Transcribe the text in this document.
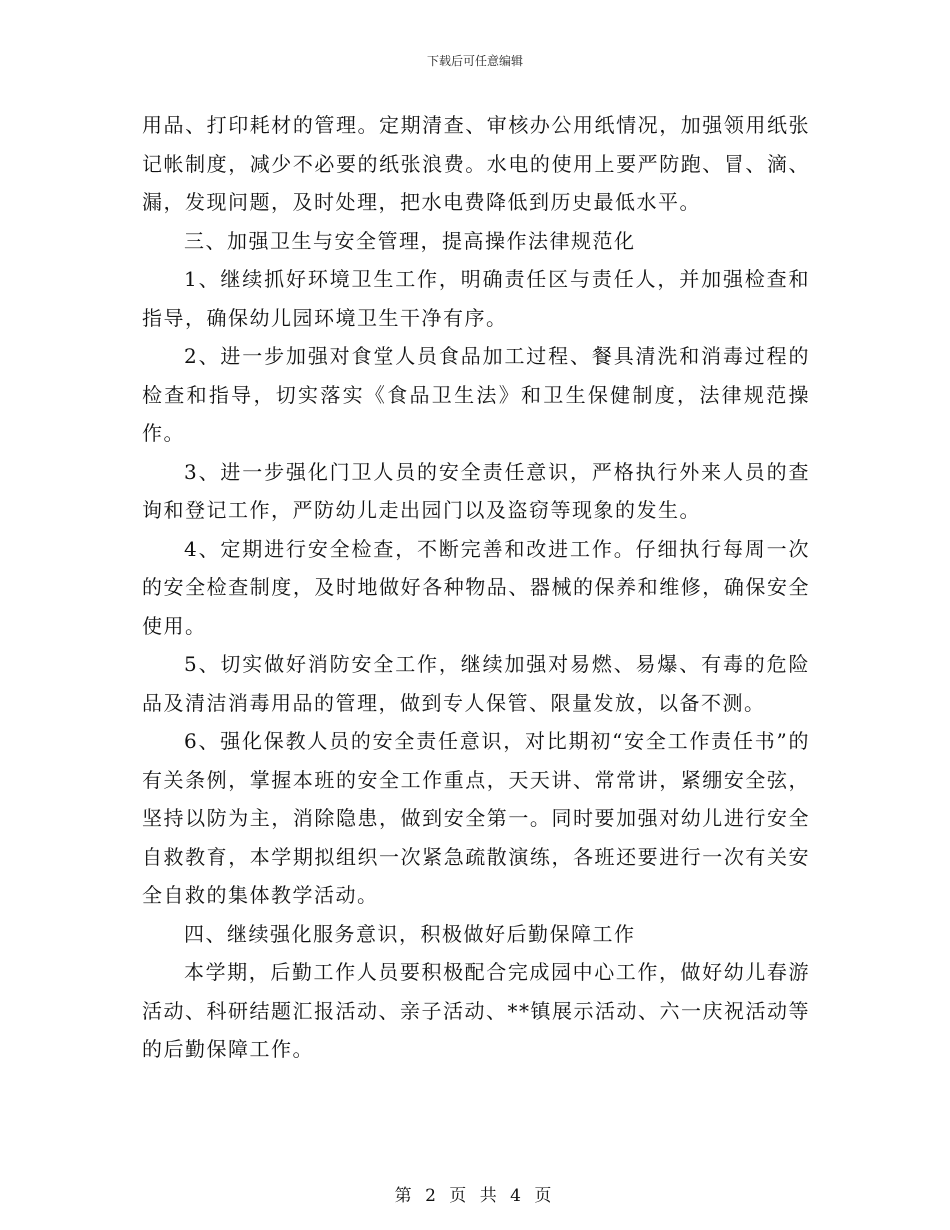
下载后可任意编辑

用品、打印耗材的管理。定期清查、审核办公用纸情况，加强领用纸张记帐制度，减少不必要的纸张浪费。水电的使用上要严防跑、冒、滴、漏，发现问题，及时处理，把水电费降低到历史最低水平。

三、加强卫生与安全管理，提高操作法律规范化

1、继续抓好环境卫生工作，明确责任区与责任人，并加强检查和指导，确保幼儿园环境卫生干净有序。

2、进一步加强对食堂人员食品加工过程、餐具清洗和消毒过程的检查和指导，切实落实《食品卫生法》和卫生保健制度，法律规范操作。

3、进一步强化门卫人员的安全责任意识，严格执行外来人员的查询和登记工作，严防幼儿走出园门以及盗窃等现象的发生。

4、定期进行安全检查，不断完善和改进工作。仔细执行每周一次的安全检查制度，及时地做好各种物品、器械的保养和维修，确保安全使用。

5、切实做好消防安全工作，继续加强对易燃、易爆、有毒的危险品及清洁消毒用品的管理，做到专人保管、限量发放，以备不测。

6、强化保教人员的安全责任意识，对比期初“安全工作责任书”的有关条例，掌握本班的安全工作重点，天天讲、常常讲，紧绷安全弦，坚持以防为主，消除隐患，做到安全第一。同时要加强对幼儿进行安全自救教育，本学期拟组织一次紧急疏散演练，各班还要进行一次有关安全自救的集体教学活动。

四、继续强化服务意识，积极做好后勤保障工作

本学期，后勤工作人员要积极配合完成园中心工作，做好幼儿春游活动、科研结题汇报活动、亲子活动、**镇展示活动、六一庆祝活动等的后勤保障工作。

第 2 页 共 4 页
